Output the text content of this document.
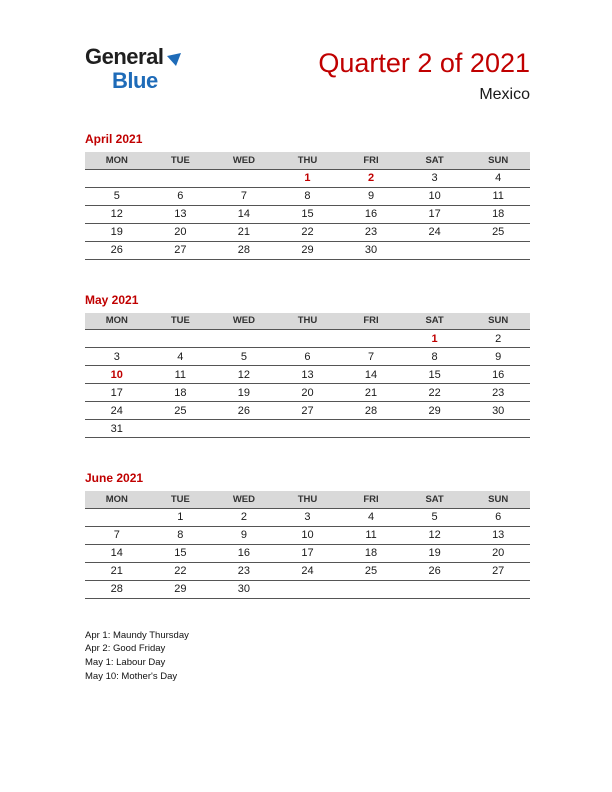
General
Blue
Quarter 2 of 2021
Mexico
April 2021
MON	TUE	WED	THU	FRI	SAT	SUN
			1	2	3	4
5	6	7	8	9	10	11
12	13	14	15	16	17	18
19	20	21	22	23	24	25
26	27	28	29	30		
May 2021
MON	TUE	WED	THU	FRI	SAT	SUN
					1	2
3	4	5	6	7	8	9
10	11	12	13	14	15	16
17	18	19	20	21	22	23
24	25	26	27	28	29	30
31						
June 2021
MON	TUE	WED	THU	FRI	SAT	SUN
	1	2	3	4	5	6
7	8	9	10	11	12	13
14	15	16	17	18	19	20
21	22	23	24	25	26	27
28	29	30				
Apr 1: Maundy Thursday
Apr 2: Good Friday
May 1: Labour Day
May 10: Mother's Day
